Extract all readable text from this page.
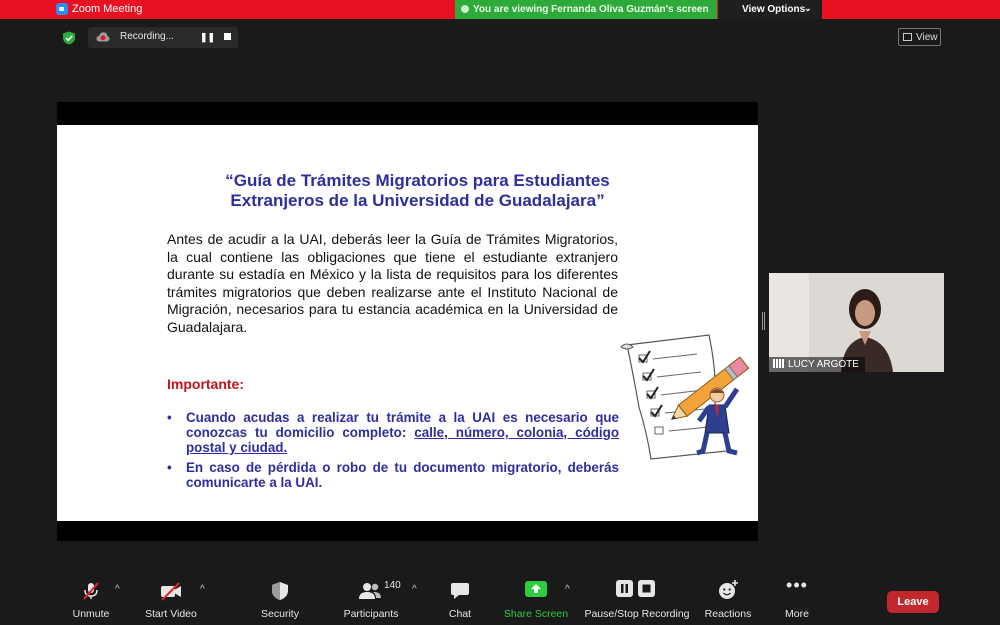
Zoom Meeting	You are viewing Fernanda Oliva Guzmán's screen	View Options
⌄
Recording...	❚❚	View
“Guía de Trámites Migratorios para Estudiantes
Extranjeros de la Universidad de Guadalajara”
Antes de acudir a la UAI, deberás leer la Guía de Trámites Migratorios, la cual contiene las obligaciones que tiene el estudiante extranjero durante su estadía en México y la lista de requisitos para los diferentes trámites migratorios que deben realizarse ante el Instituto Nacional de Migración, necesarios para tu estancia académica en la Universidad de Guadalajara.
Importante:
•	Cuando acudas a realizar tu trámite a la UAI es necesario que conozcas tu domicilio completo: calle, número, colonia, código postal y ciudad.
•	En caso de pérdida o robo de tu documento migratorio, deberás comunicarte a la UAI.
LUCY ARGOTE
Unmute
^
Start Video
^
Security
140
Participants
^
Chat	Share Screen
^
Pause/Stop Recording Reactions
•••
More
Leave
